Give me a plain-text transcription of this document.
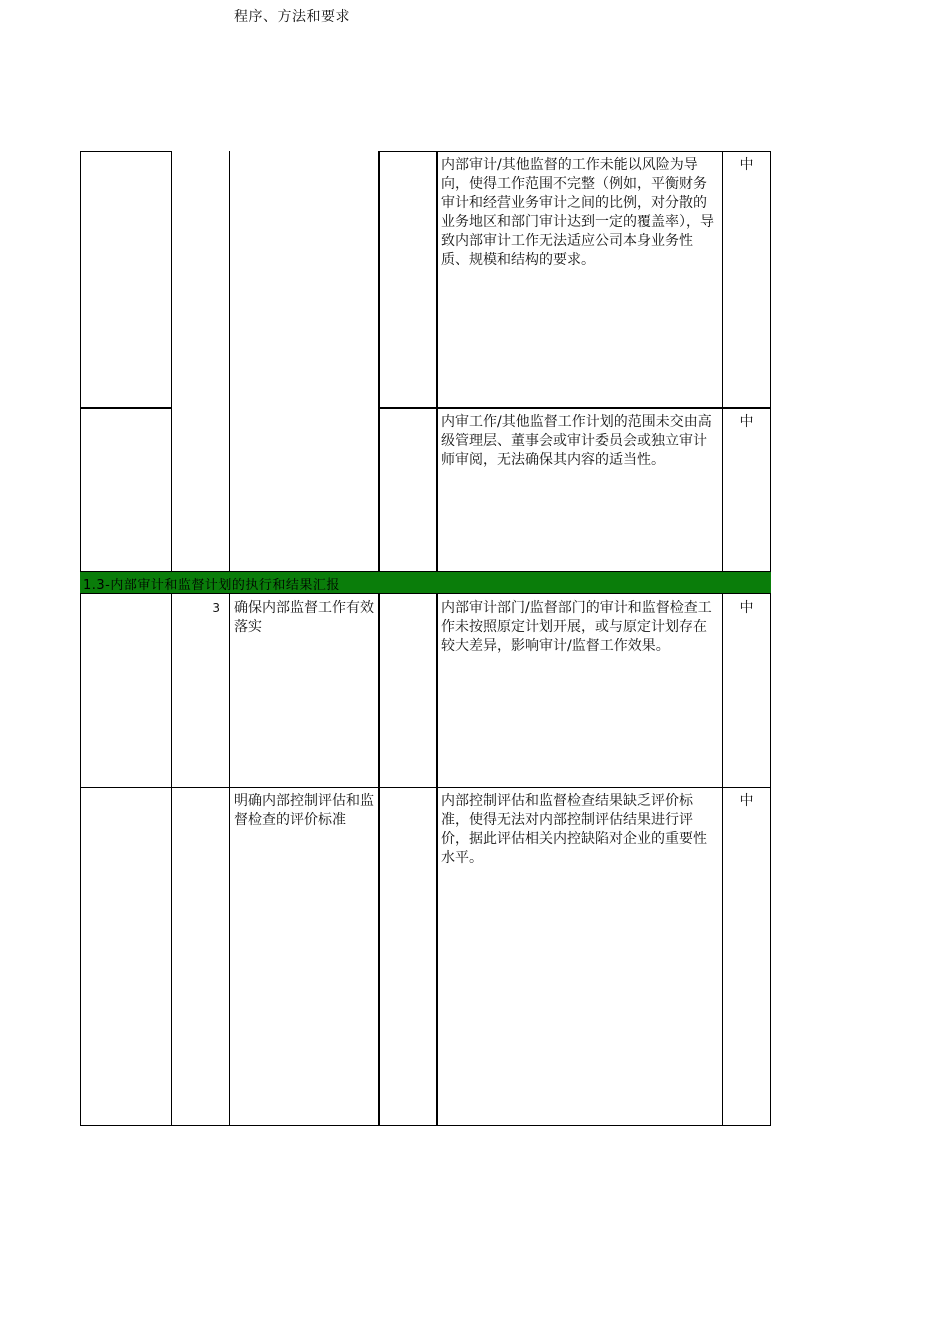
程序、方法和要求
1.3-内部审计和监督计划的执行和结果汇报
内部审计/其他监督的工作未能以风险为导向，使得工作范围不完整（例如，平衡财务审计和经营业务审计之间的比例，对分散的业务地区和部门审计达到一定的覆盖率），导致内部审计工作无法适应公司本身业务性质、规模和结构的要求。
中
内审工作/其他监督工作计划的范围未交由高级管理层、董事会或审计委员会或独立审计师审阅，无法确保其内容的适当性。
中
3	确保内部监督工作有效落实
内部审计部门/监督部门的审计和监督检查工作未按照原定计划开展，或与原定计划存在较大差异，影响审计/监督工作效果。
中
明确内部控制评估和监督检查的评价标准
内部控制评估和监督检查结果缺乏评价标准，使得无法对内部控制评估结果进行评价，据此评估相关内控缺陷对企业的重要性水平。
中
